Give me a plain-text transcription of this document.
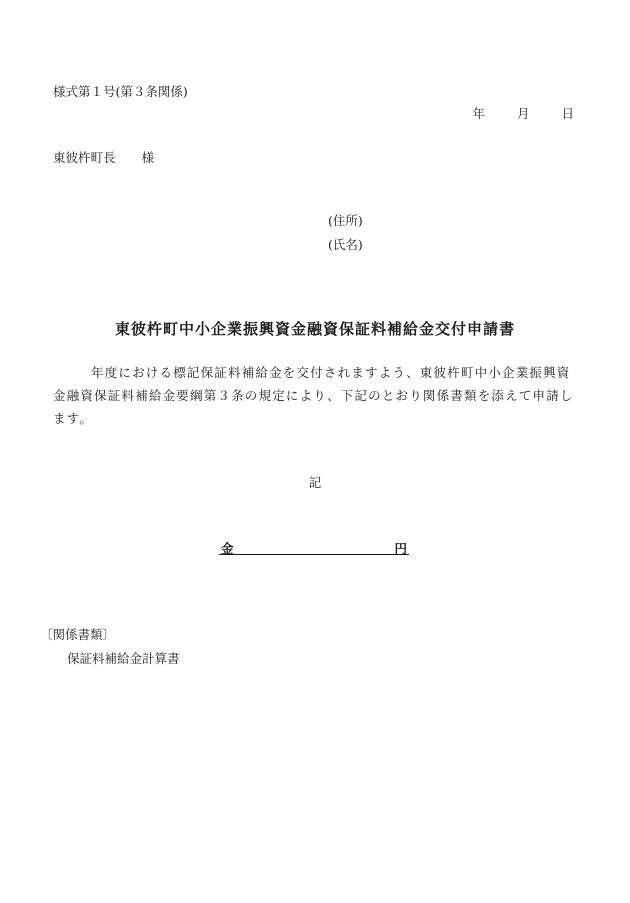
様式第１号(第３条関係)
年	月	日
東彼杵町長 様
(住所)
(氏名)
東彼杵町中小企業振興資金融資保証料補給金交付申請書
年度における標記保証料補給金を交付されますよう、東彼杵町中小企業振興資金融資保証料補給金要綱第３条の規定により、下記のとおり関係書類を添えて申請します。
記
金	円
〔関係書類〕
保証料補給金計算書
